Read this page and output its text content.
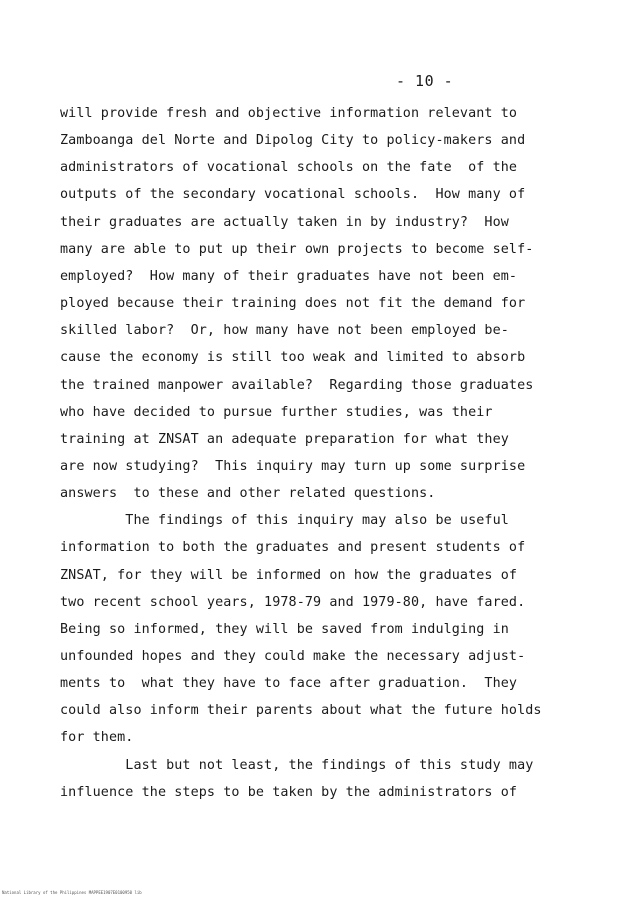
- 10 -
will provide fresh and objective information relevant to
Zamboanga del Norte and Dipolog City to policy-makers and
administrators of vocational schools on the fate  of the
outputs of the secondary vocational schools.  How many of
their graduates are actually taken in by industry?  How
many are able to put up their own projects to become self-
employed?  How many of their graduates have not been em-
ployed because their training does not fit the demand for
skilled labor?  Or, how many have not been employed be-
cause the economy is still too weak and limited to absorb
the trained manpower available?  Regarding those graduates
who have decided to pursue further studies, was their
training at ZNSAT an adequate preparation for what they
are now studying?  This inquiry may turn up some surprise
answers  to these and other related questions.
The findings of this inquiry may also be useful
information to both the graduates and present students of
ZNSAT, for they will be informed on how the graduates of
two recent school years, 1978-79 and 1979-80, have fared.
Being so informed, they will be saved from indulging in
unfounded hopes and they could make the necessary adjust-
ments to  what they have to face after graduation.  They
could also inform their parents about what the future holds
for them.
Last but not least, the findings of this study may
influence the steps to be taken by the administrators of
National Library of the Philippines MAPPEE1907E0100950 lib
